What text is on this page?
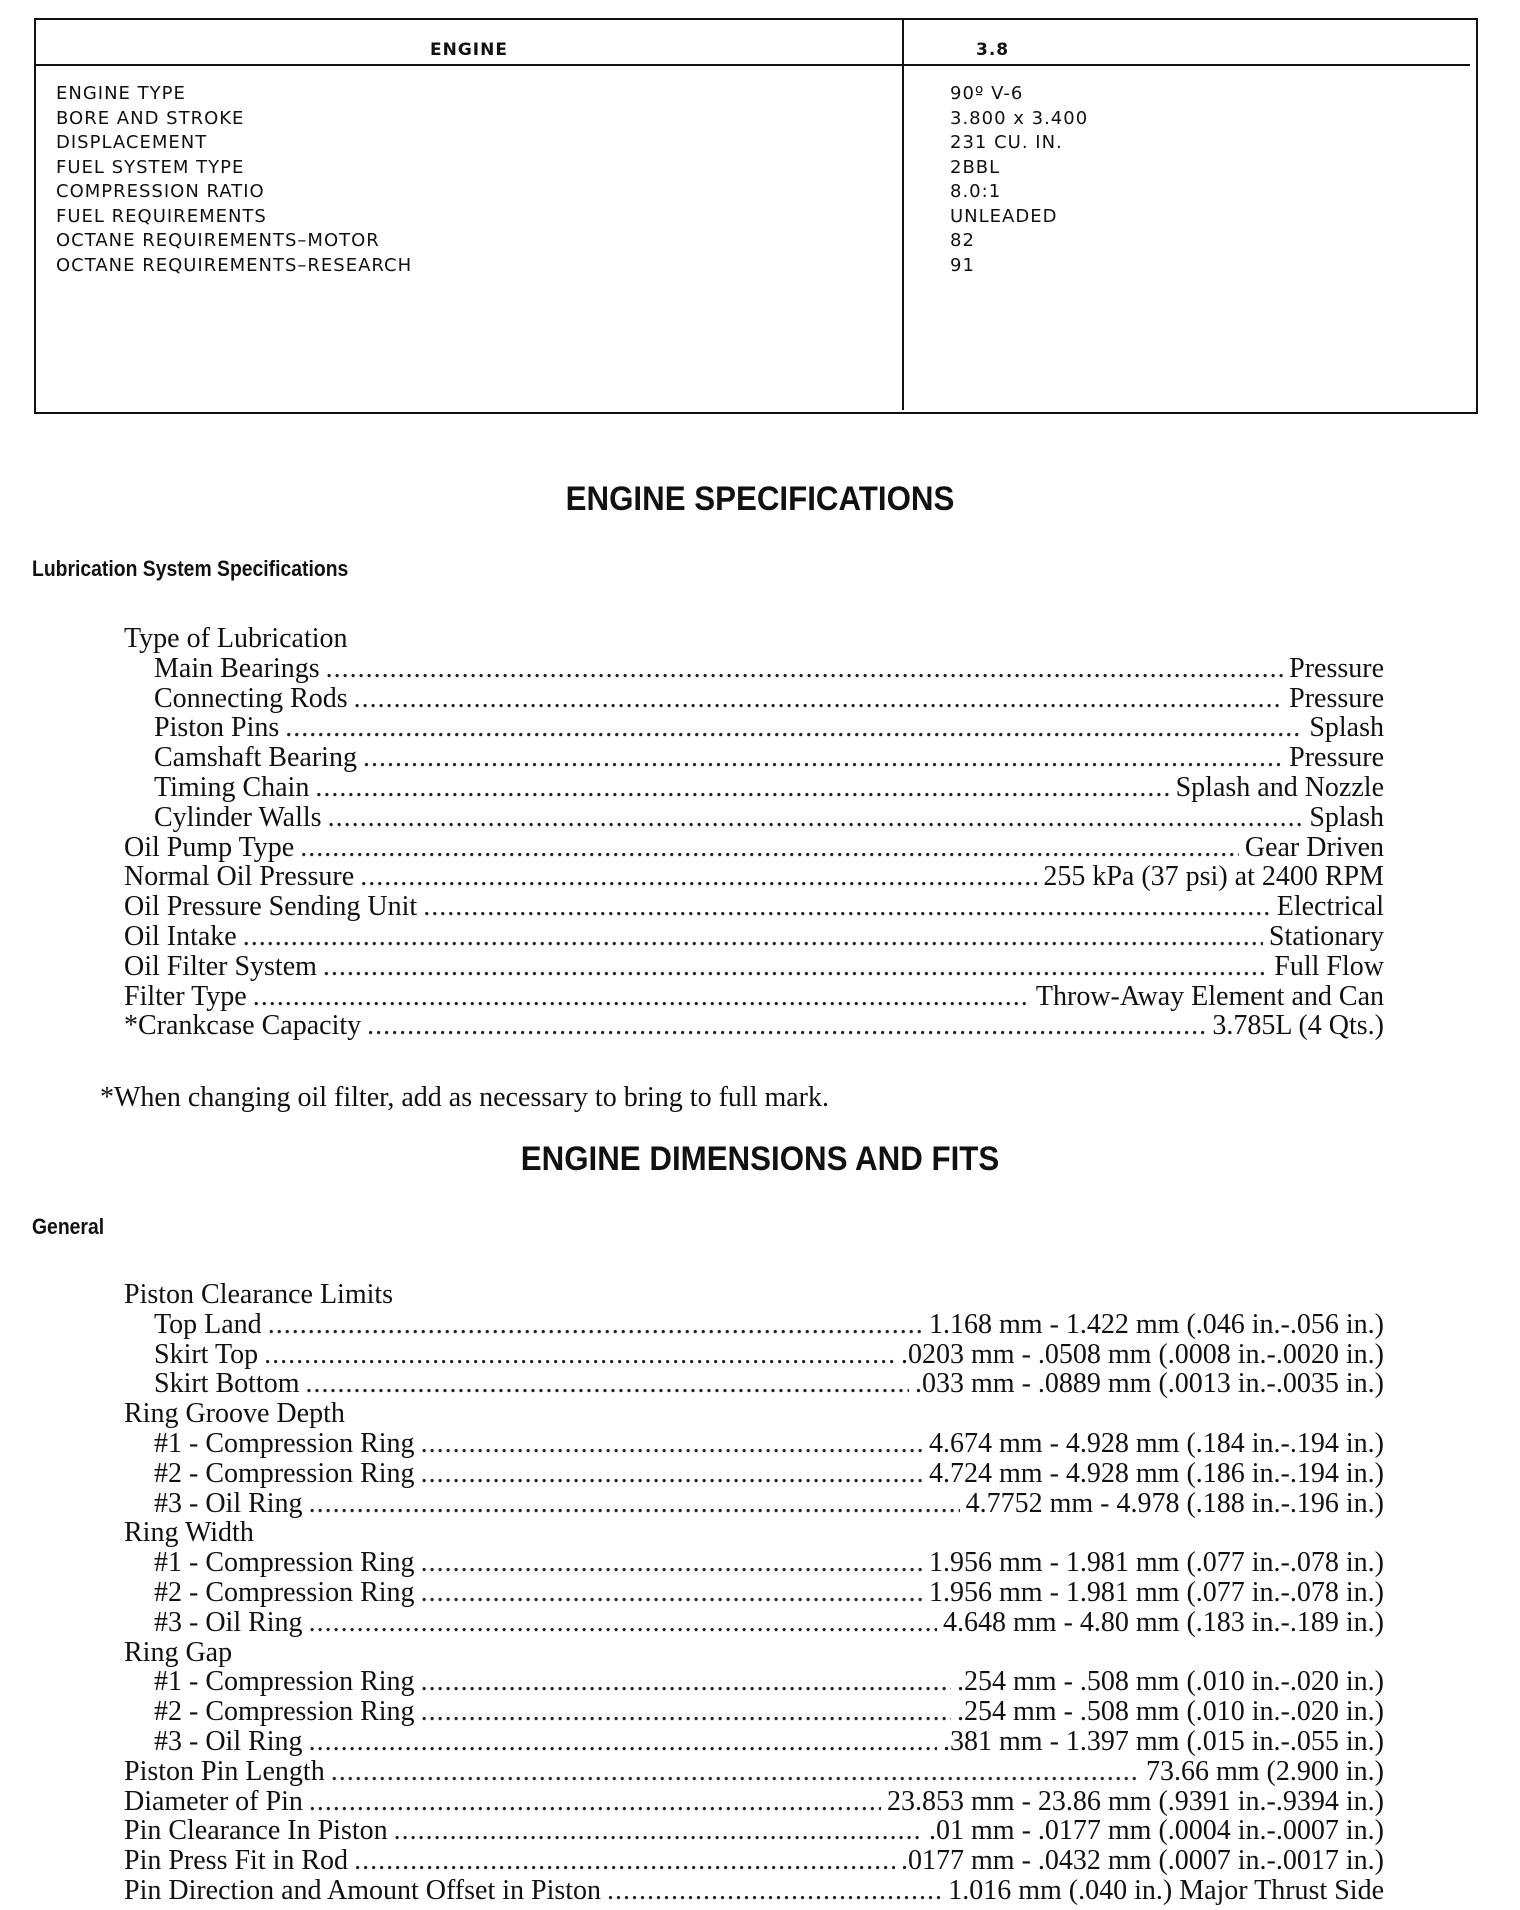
ENGINE	3.8
ENGINE TYPE	90º V-6
BORE AND STROKE	3.800 x 3.400
DISPLACEMENT	231 CU. IN.
FUEL SYSTEM TYPE	2BBL
COMPRESSION RATIO	8.0:1
FUEL REQUIREMENTS	UNLEADED
OCTANE REQUIREMENTS–MOTOR	82
OCTANE REQUIREMENTS–RESEARCH	91
ENGINE SPECIFICATIONS
Lubrication System Specifications
Type of Lubrication
Main Bearings .....	Pressure
Connecting Rods .....	Pressure
Piston Pins .....	Splash
Camshaft Bearing .....	Pressure
Timing Chain .....	Splash and Nozzle
Cylinder Walls .....	Splash
Oil Pump Type .....	Gear Driven
Normal Oil Pressure .....	255 kPa (37 psi) at 2400 RPM
Oil Pressure Sending Unit .....	Electrical
Oil Intake .....	Stationary
Oil Filter System .....	Full Flow
Filter Type .....	Throw-Away Element and Can
*Crankcase Capacity .....	3.785L (4 Qts.)
*When changing oil filter, add as necessary to bring to full mark.
ENGINE DIMENSIONS AND FITS
General
Piston Clearance Limits
Top Land .....	1.168 mm - 1.422 mm (.046 in.-.056 in.)
Skirt Top .....	.0203 mm - .0508 mm (.0008 in.-.0020 in.)
Skirt Bottom .....	.033 mm - .0889 mm (.0013 in.-.0035 in.)
Ring Groove Depth
#1 - Compression Ring .....	4.674 mm - 4.928 mm (.184 in.-.194 in.)
#2 - Compression Ring .....	4.724 mm - 4.928 mm (.186 in.-.194 in.)
#3 - Oil Ring .....	4.7752 mm - 4.978 (.188 in.-.196 in.)
Ring Width
#1 - Compression Ring .....	1.956 mm - 1.981 mm (.077 in.-.078 in.)
#2 - Compression Ring .....	1.956 mm - 1.981 mm (.077 in.-.078 in.)
#3 - Oil Ring .....	4.648 mm - 4.80 mm (.183 in.-.189 in.)
Ring Gap
#1 - Compression Ring .....	.254 mm - .508 mm (.010 in.-.020 in.)
#2 - Compression Ring .....	.254 mm - .508 mm (.010 in.-.020 in.)
#3 - Oil Ring .....	.381 mm - 1.397 mm (.015 in.-.055 in.)
Piston Pin Length .....	73.66 mm (2.900 in.)
Diameter of Pin .....	23.853 mm - 23.86 mm (.9391 in.-.9394 in.)
Pin Clearance In Piston .....	.01 mm - .0177 mm (.0004 in.-.0007 in.)
Pin Press Fit in Rod .....	.0177 mm - .0432 mm (.0007 in.-.0017 in.)
Pin Direction and Amount Offset in Piston .....	1.016 mm (.040 in.) Major Thrust Side
